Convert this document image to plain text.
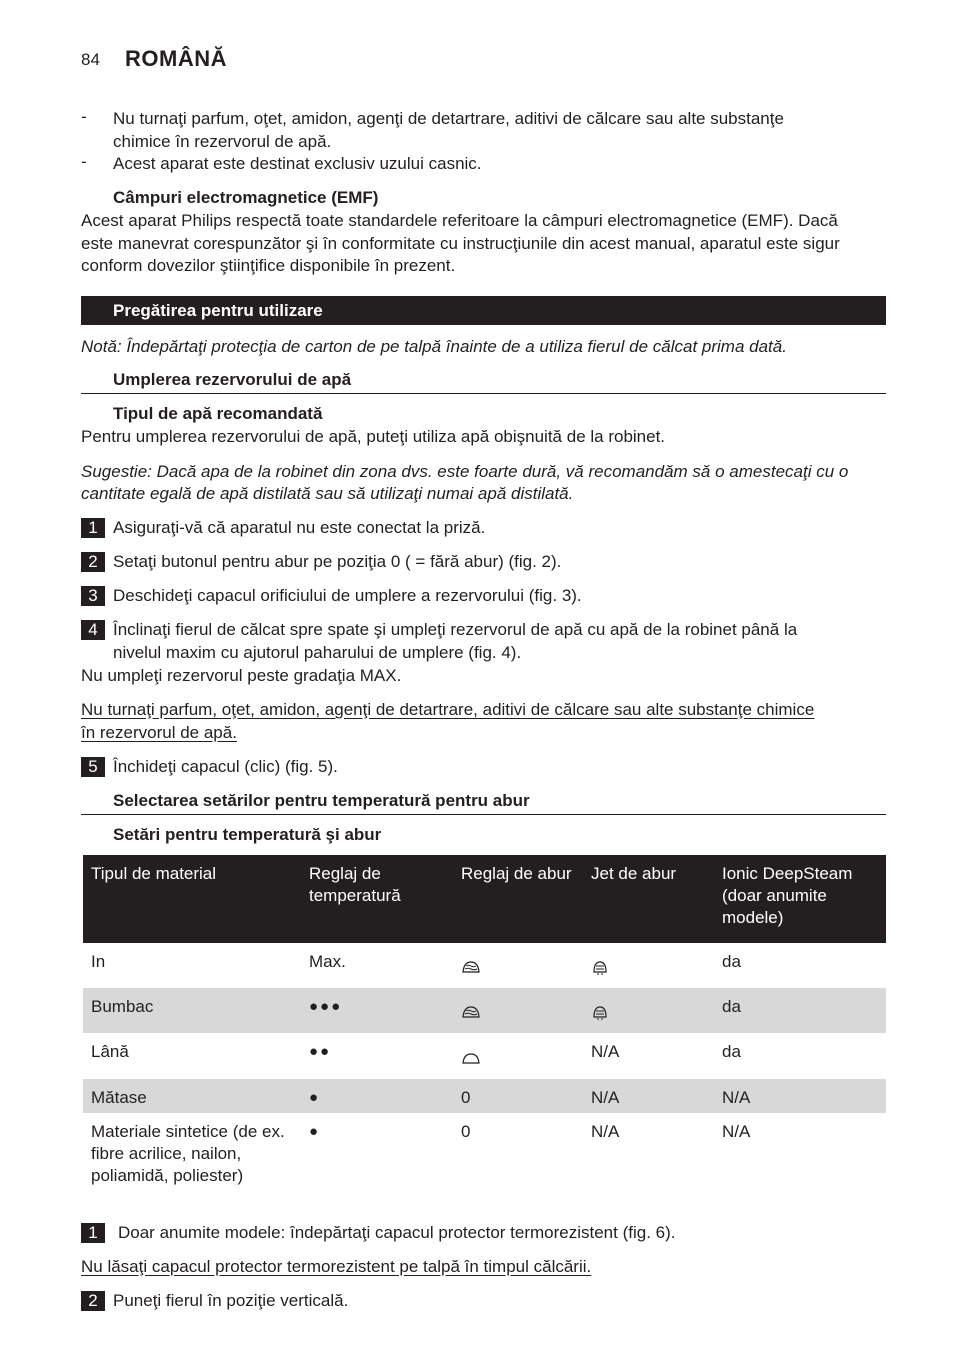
84 ROMÂNĂ
- Nu turnaţi parfum, oţet, amidon, agenţi de detartrare, aditivi de călcare sau alte substanţe
chimice în rezervorul de apă.
- Acest aparat este destinat exclusiv uzului casnic.
Câmpuri electromagnetice (EMF)
Acest aparat Philips respectă toate standardele referitoare la câmpuri electromagnetice (EMF). Dacă
este manevrat corespunzător şi în conformitate cu instrucţiunile din acest manual, aparatul este sigur
conform dovezilor ştiinţifice disponibile în prezent.
Pregătirea pentru utilizare
Notă: Îndepărtaţi protecţia de carton de pe talpă înainte de a utiliza fierul de călcat prima dată.
Umplerea rezervorului de apă
Tipul de apă recomandată
Pentru umplerea rezervorului de apă, puteţi utiliza apă obişnuită de la robinet.
Sugestie: Dacă apa de la robinet din zona dvs. este foarte dură, vă recomandăm să o amestecaţi cu o
cantitate egală de apă distilată sau să utilizaţi numai apă distilată.
1 Asiguraţi-vă că aparatul nu este conectat la priză.
2 Setaţi butonul pentru abur pe poziţia 0 ( = fără abur) (fig. 2).
3 Deschideţi capacul orificiului de umplere a rezervorului (fig. 3).
4 Înclinaţi fierul de călcat spre spate şi umpleţi rezervorul de apă cu apă de la robinet până la
nivelul maxim cu ajutorul paharului de umplere (fig. 4).
Nu umpleţi rezervorul peste gradaţia MAX.
Nu turnaţi parfum, oţet, amidon, agenţi de detartrare, aditivi de călcare sau alte substanţe chimice
în rezervorul de apă.
5 Închideţi capacul (clic) (fig. 5).
Selectarea setărilor pentru temperatură pentru abur
Setări pentru temperatură şi abur
Tipul de material	Reglaj de temperatură	Reglaj de abur	Jet de abur	Ionic DeepSteam (doar anumite modele)
In	Max.			da
Bumbac	●●●			da
Lână	●●		N/A	da
Mătase	●	0	N/A	N/A
Materiale sintetice (de ex. fibre acrilice, nailon, poliamidă, poliester)	●	0	N/A	N/A
1	Doar anumite modele: îndepărtaţi capacul protector termorezistent (fig. 6).
Nu lăsaţi capacul protector termorezistent pe talpă în timpul călcării.
2 Puneţi fierul în poziţie verticală.
